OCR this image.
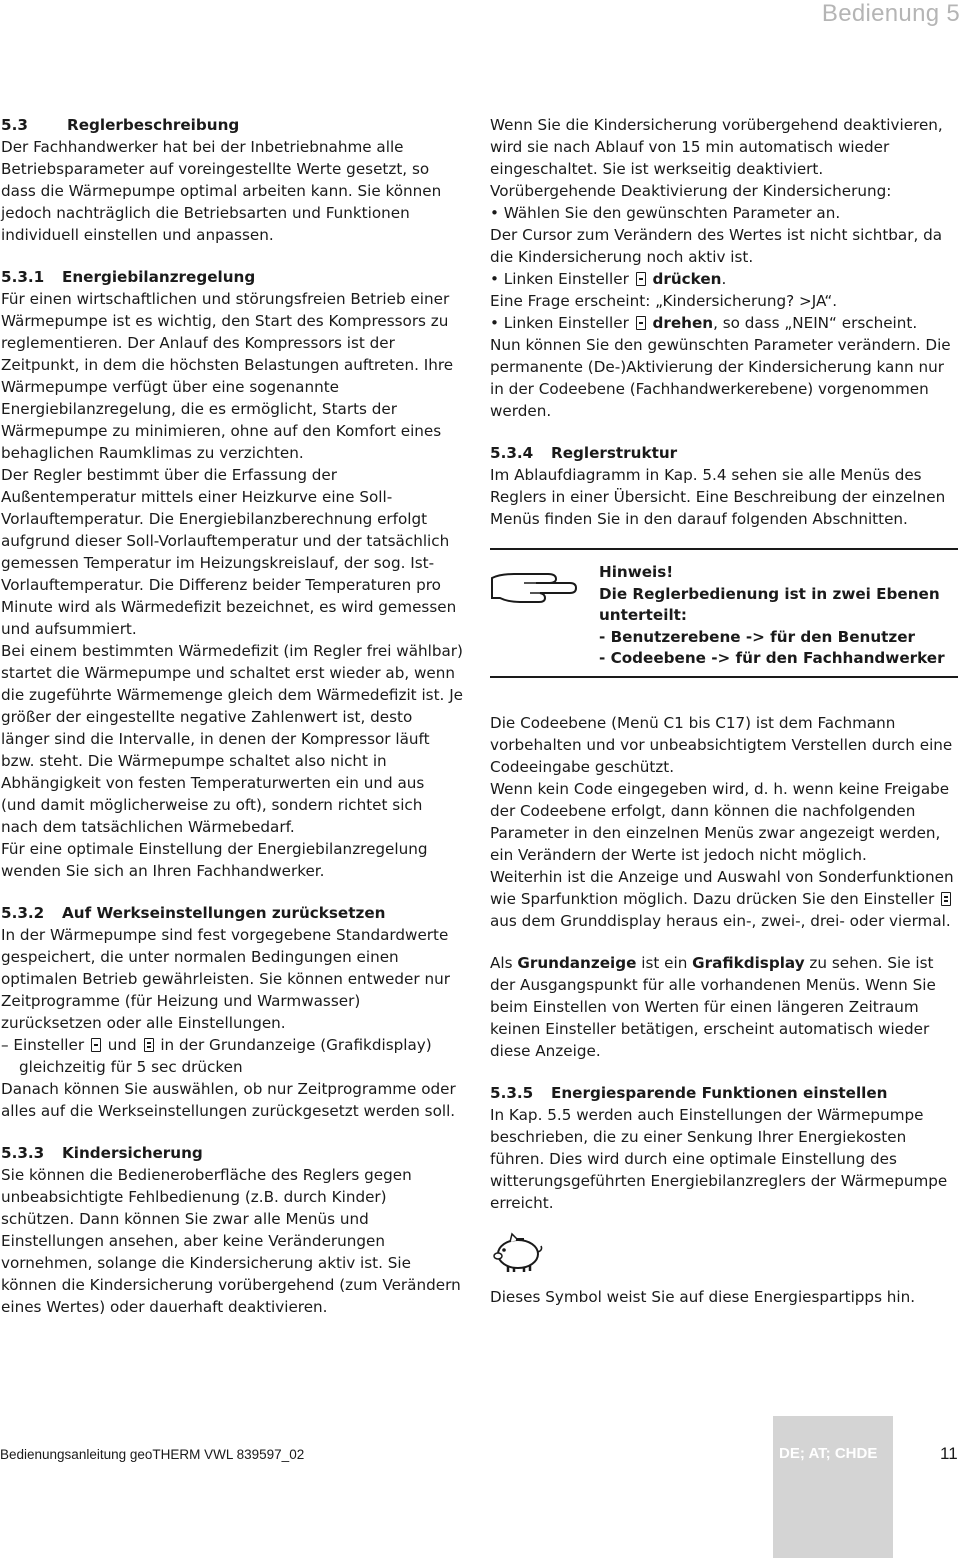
Bedienung 5
5.3	Reglerbeschreibung

Der Fachhandwerker hat bei der Inbetriebnahme alle Betriebsparameter auf voreingestellte Werte gesetzt, so dass die Wärmepumpe optimal arbeiten kann. Sie können jedoch nachträglich die Betriebsarten und Funktionen individuell einstellen und anpassen.

5.3.1 Energiebilanzregelung

Für einen wirtschaftlichen und störungsfreien Betrieb einer Wärmepumpe ist es wichtig, den Start des Kompressors zu reglementieren. Der Anlauf des Kompressors ist der Zeitpunkt, in dem die höchsten Belastungen auftreten. Ihre Wärmepumpe verfügt über eine sogenannte Energiebilanzregelung, die es ermöglicht, Starts der Wärmepumpe zu minimieren, ohne auf den Komfort eines behaglichen Raumklimas zu verzichten.

Der Regler bestimmt über die Erfassung der Außentemperatur mittels einer Heizkurve eine Soll-Vorlauftemperatur. Die Energiebilanzberechnung erfolgt aufgrund dieser Soll-Vorlauftemperatur und der tatsächlich gemessen Temperatur im Heizungskreislauf, der sog. Ist-Vorlauftemperatur. Die Differenz beider Temperaturen pro Minute wird als Wärmedefizit bezeichnet, es wird gemessen und aufsummiert.

Bei einem bestimmten Wärmedefizit (im Regler frei wählbar) startet die Wärmepumpe und schaltet erst wieder ab, wenn die zugeführte Wärmemenge gleich dem Wärmedefizit ist. Je größer der eingestellte negative Zahlenwert ist, desto länger sind die Intervalle, in denen der Kompressor läuft bzw. steht. Die Wärmepumpe schaltet also nicht in Abhängigkeit von festen Temperaturwerten ein und aus (und damit möglicherweise zu oft), sondern richtet sich nach dem tatsächlichen Wärmebedarf.

Für eine optimale Einstellung der Energiebilanzregelung wenden Sie sich an Ihren Fachhandwerker.

5.3.2 Auf Werkseinstellungen zurücksetzen

In der Wärmepumpe sind fest vorgegebene Standardwerte gespeichert, die unter normalen Bedingungen einen optimalen Betrieb gewährleisten. Sie können entweder nur Zeitprogramme (für Heizung und Warmwasser) zurücksetzen oder alle Einstellungen.

– Einsteller und in der Grundanzeige (Grafikdisplay)

gleichzeitig für 5 sec drücken

Danach können Sie auswählen, ob nur Zeitprogramme oder alles auf die Werkseinstellungen zurückgesetzt werden soll.

5.3.3 Kindersicherung

Sie können die Bedieneroberfläche des Reglers gegen unbeabsichtigte Fehlbedienung (z.B. durch Kinder) schützen. Dann können Sie zwar alle Menüs und Einstellungen ansehen, aber keine Veränderungen vornehmen, solange die Kindersicherung aktiv ist. Sie können die Kindersicherung vorübergehend (zum Verändern eines Wertes) oder dauerhaft deaktivieren.

Wenn Sie die Kindersicherung vorübergehend deaktivieren, wird sie nach Ablauf von 15 min automatisch wieder eingeschaltet. Sie ist werkseitig deaktiviert.

Vorübergehende Deaktivierung der Kindersicherung:

• Wählen Sie den gewünschten Parameter an.

Der Cursor zum Verändern des Wertes ist nicht sichtbar, da die Kindersicherung noch aktiv ist.

• Linken Einsteller drücken.

Eine Frage erscheint: „Kindersicherung? >JA“.

• Linken Einsteller drehen, so dass „NEIN“ erscheint.

Nun können Sie den gewünschten Parameter verändern. Die permanente (De-)Aktivierung der Kindersicherung kann nur in der Codeebene (Fachhandwerkerebene) vorgenommen werden.

5.3.4 Reglerstruktur

Im Ablaufdiagramm in Kap. 5.4 sehen sie alle Menüs des Reglers in einer Übersicht. Eine Beschreibung der einzelnen Menüs finden Sie in den darauf folgenden Abschnitten.

Hinweis!
Die Reglerbedienung ist in zwei Ebenen
unterteilt:
- Benutzerebene -> für den Benutzer
- Codeebene -> für den Fachhandwerker

Die Codeebene (Menü C1 bis C17) ist dem Fachmann vorbehalten und vor unbeabsichtigtem Verstellen durch eine Codeeingabe geschützt.

Wenn kein Code eingegeben wird, d. h. wenn keine Freigabe der Codeebene erfolgt, dann können die nachfolgenden Parameter in den einzelnen Menüs zwar angezeigt werden, ein Verändern der Werte ist jedoch nicht möglich.

Weiterhin ist die Anzeige und Auswahl von Sonderfunktionen wie Sparfunktion möglich. Dazu drücken Sie den Einsteller  aus dem Grunddisplay heraus ein-, zwei-, drei- oder viermal.

Als Grundanzeige ist ein Grafikdisplay zu sehen. Sie ist der Ausgangspunkt für alle vorhandenen Menüs. Wenn Sie beim Einstellen von Werten für einen längeren Zeitraum keinen Einsteller betätigen, erscheint automatisch wieder diese Anzeige.

5.3.5 Energiesparende Funktionen einstellen

In Kap. 5.5 werden auch Einstellungen der Wärmepumpe beschrieben, die zu einer Senkung Ihrer Energiekosten führen. Dies wird durch eine optimale Einstellung des witterungsgeführten Energiebilanzreglers der Wärmepumpe erreicht.

Dieses Symbol weist Sie auf diese Energiespartipps hin.

Bedienungsanleitung geoTHERM VWL 839597_02	DE; AT; CHDE	11
